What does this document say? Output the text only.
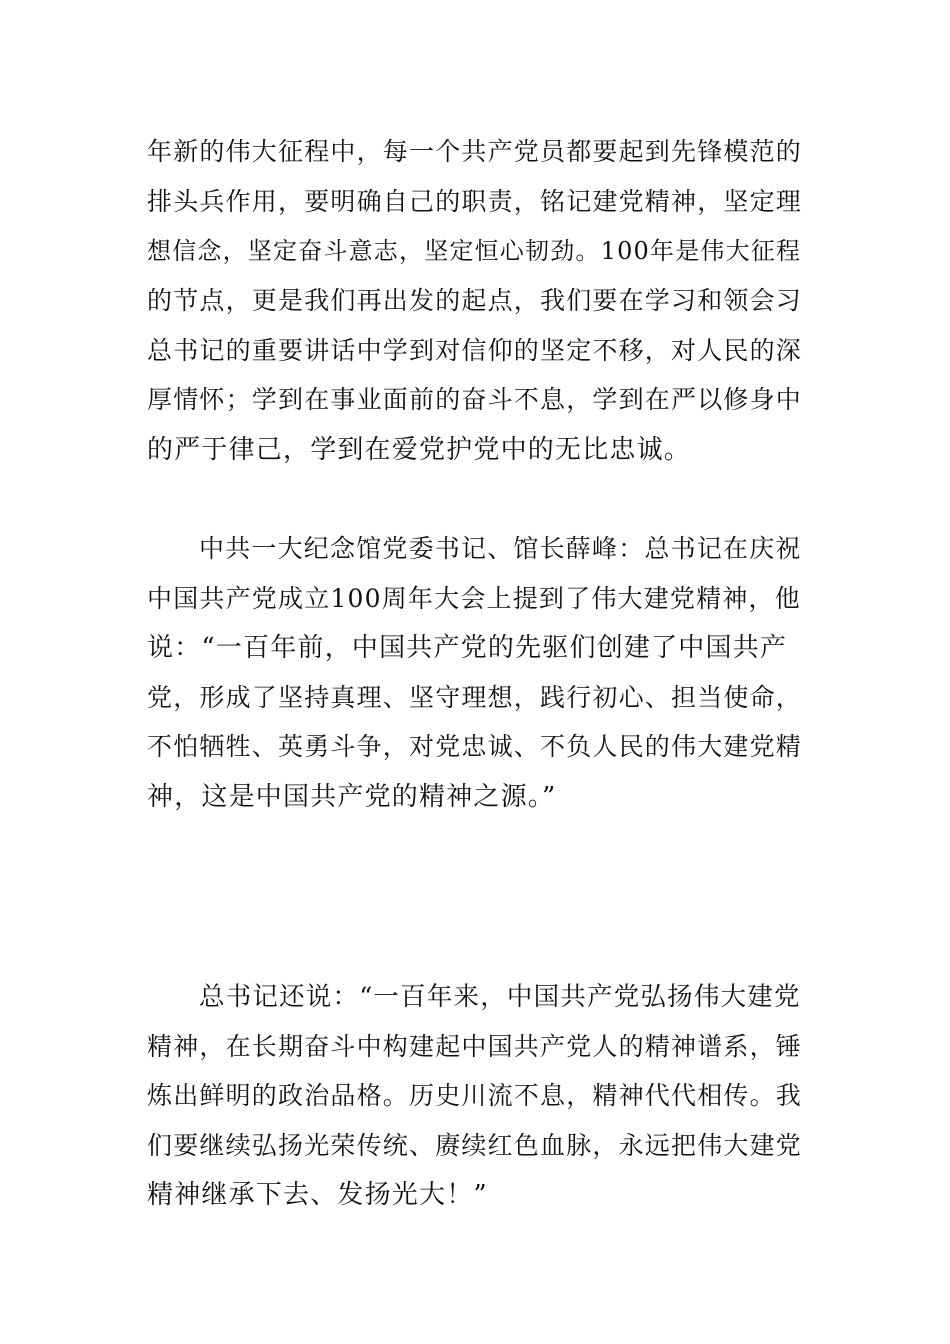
年新的伟大征程中，每一个共产党员都要起到先锋模范的
排头兵作用，要明确自己的职责，铭记建党精神，坚定理
想信念，坚定奋斗意志，坚定恒心韧劲。100年是伟大征程
的节点，更是我们再出发的起点，我们要在学习和领会习
总书记的重要讲话中学到对信仰的坚定不移，对人民的深
厚情怀；学到在事业面前的奋斗不息，学到在严以修身中
的严于律己，学到在爱党护党中的无比忠诚。
中共一大纪念馆党委书记、馆长薛峰：总书记在庆祝
中国共产党成立100周年大会上提到了伟大建党精神，他
说：“一百年前，中国共产党的先驱们创建了中国共产
党，形成了坚持真理、坚守理想，践行初心、担当使命，
不怕牺牲、英勇斗争，对党忠诚、不负人民的伟大建党精
神，这是中国共产党的精神之源。”
总书记还说：“一百年来，中国共产党弘扬伟大建党
精神，在长期奋斗中构建起中国共产党人的精神谱系，锤
炼出鲜明的政治品格。历史川流不息，精神代代相传。我
们要继续弘扬光荣传统、赓续红色血脉，永远把伟大建党
精神继承下去、发扬光大！”
